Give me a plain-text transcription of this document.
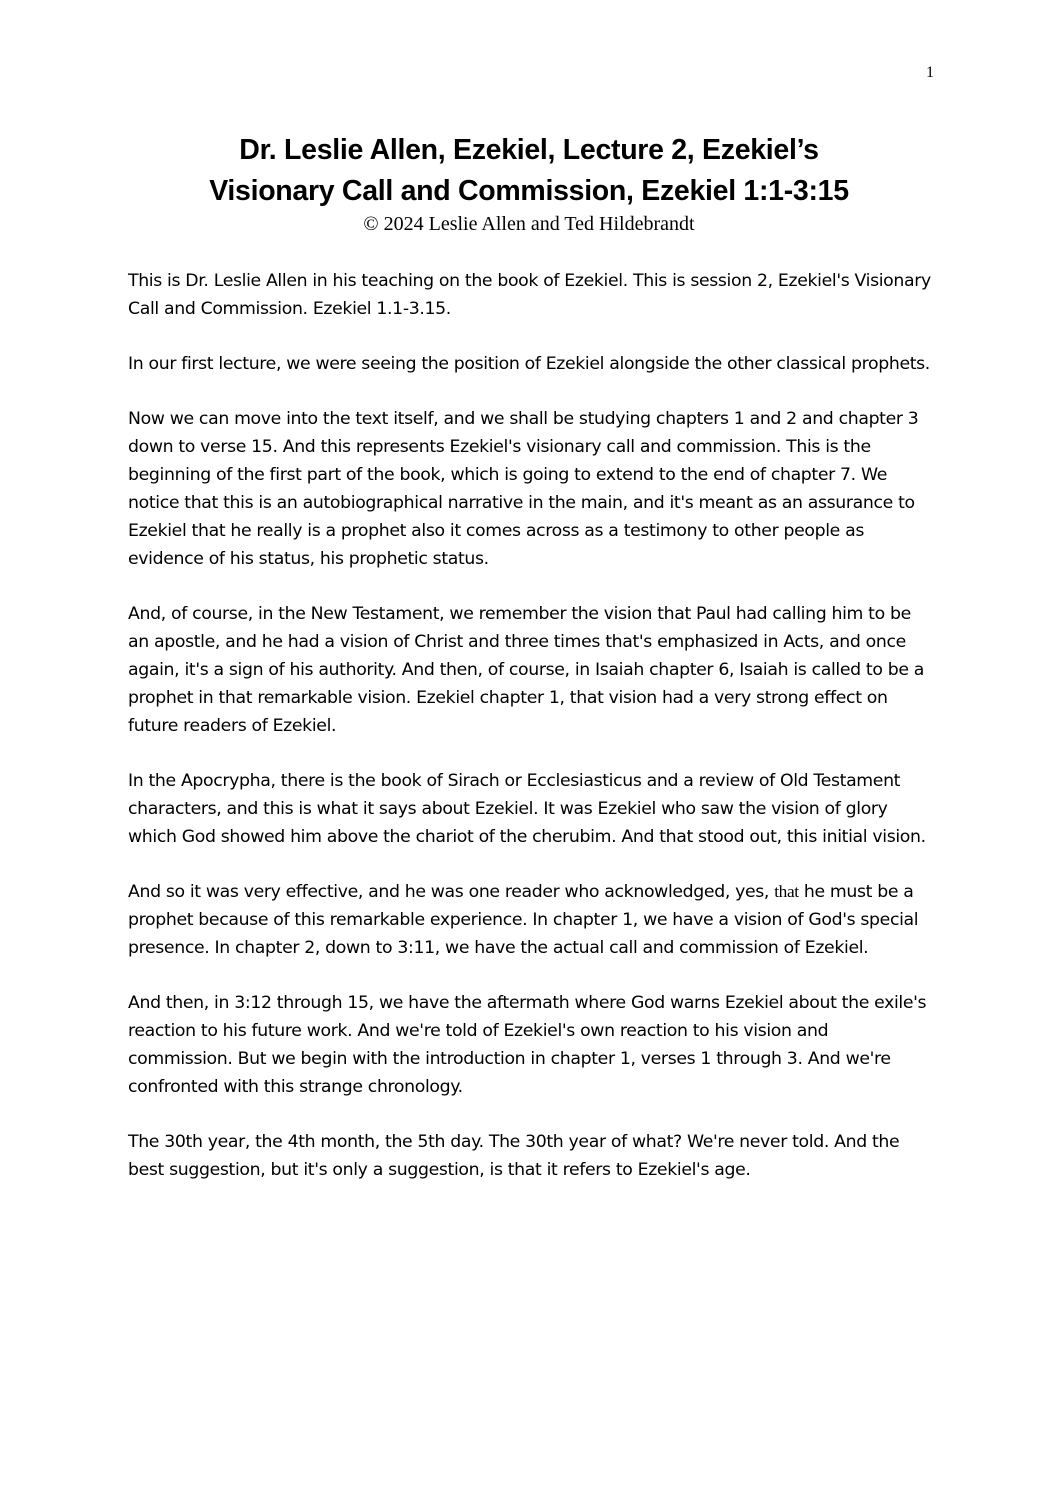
1
Dr. Leslie Allen, Ezekiel, Lecture 2, Ezekiel’s
Visionary Call and Commission, Ezekiel 1:1-3:15

© 2024 Leslie Allen and Ted Hildebrandt

This is Dr. Leslie Allen in his teaching on the book of Ezekiel. This is session 2, Ezekiel's Visionary Call and Commission. Ezekiel 1.1-3.15.

In our first lecture, we were seeing the position of Ezekiel alongside the other classical prophets.

Now we can move into the text itself, and we shall be studying chapters 1 and 2 and chapter 3 down to verse 15. And this represents Ezekiel's visionary call and commission. This is the beginning of the first part of the book, which is going to extend to the end of chapter 7. We notice that this is an autobiographical narrative in the main, and it's meant as an assurance to Ezekiel that he really is a prophet also it comes across as a testimony to other people as evidence of his status, his prophetic status.

And, of course, in the New Testament, we remember the vision that Paul had calling him to be an apostle, and he had a vision of Christ and three times that's emphasized in Acts, and once again, it's a sign of his authority. And then, of course, in Isaiah chapter 6, Isaiah is called to be a prophet in that remarkable vision. Ezekiel chapter 1, that vision had a very strong effect on future readers of Ezekiel.

In the Apocrypha, there is the book of Sirach or Ecclesiasticus and a review of Old Testament characters, and this is what it says about Ezekiel. It was Ezekiel who saw the vision of glory which God showed him above the chariot of the cherubim. And that stood out, this initial vision.

And so it was very effective, and he was one reader who acknowledged, yes, that he must be a prophet because of this remarkable experience. In chapter 1, we have a vision of God's special presence. In chapter 2, down to 3:11, we have the actual call and commission of Ezekiel.

And then, in 3:12 through 15, we have the aftermath where God warns Ezekiel about the exile's reaction to his future work. And we're told of Ezekiel's own reaction to his vision and commission. But we begin with the introduction in chapter 1, verses 1 through 3. And we're confronted with this strange chronology.

The 30th year, the 4th month, the 5th day. The 30th year of what? We're never told. And the best suggestion, but it's only a suggestion, is that it refers to Ezekiel's age.
